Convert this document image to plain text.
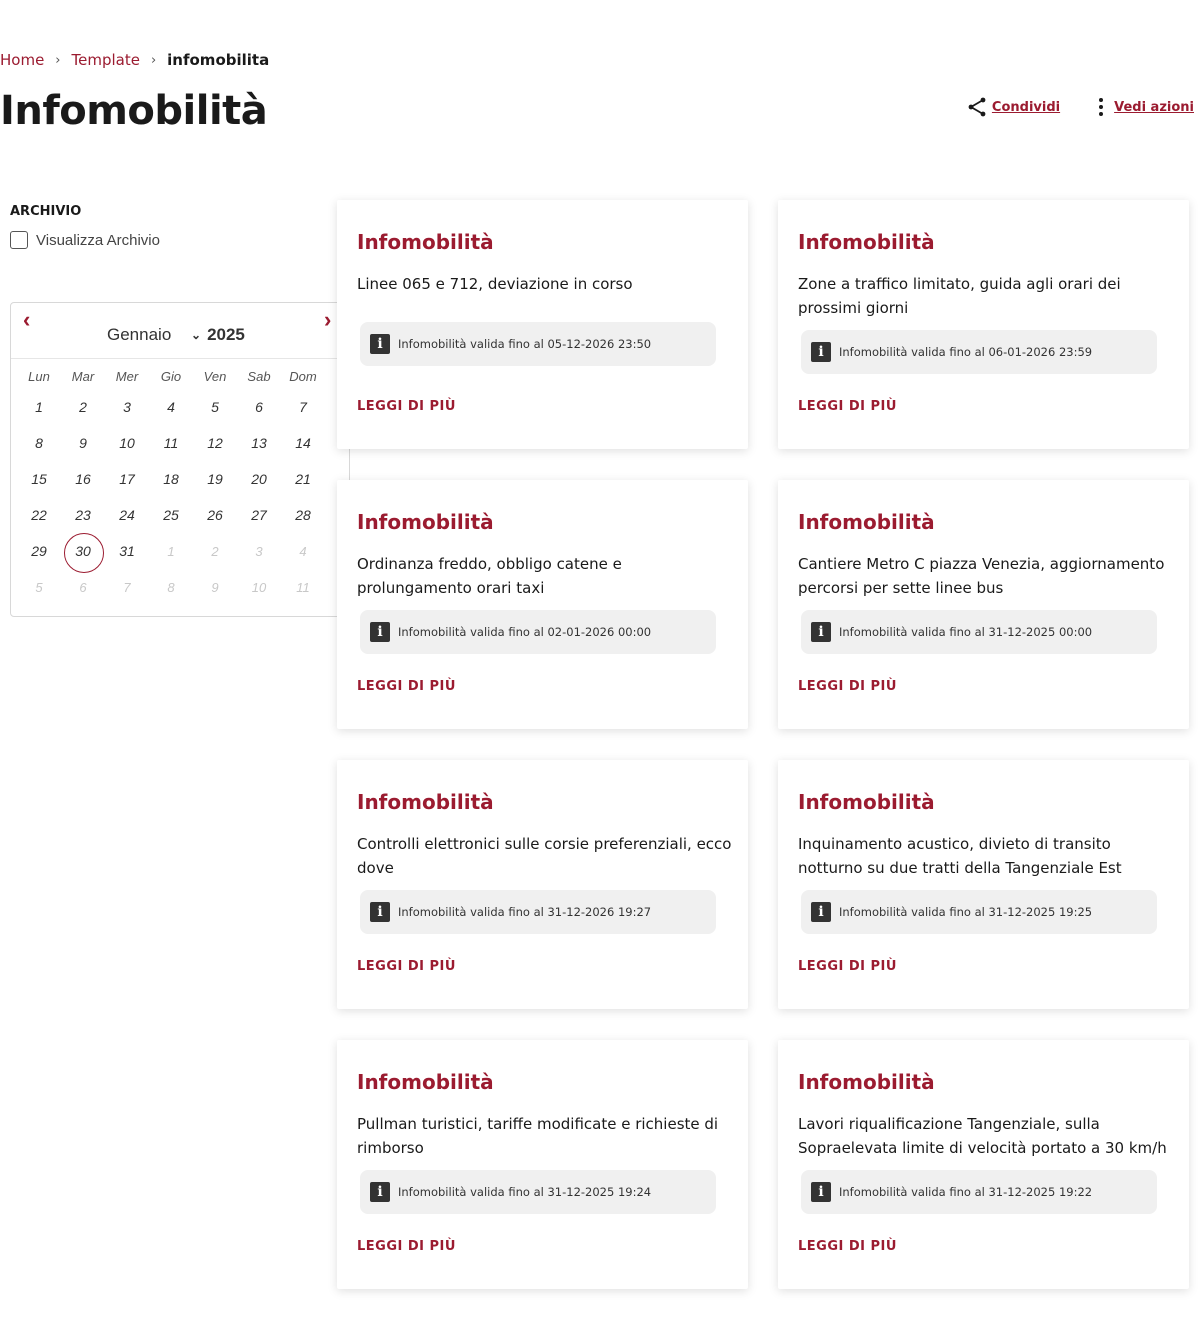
Home › Template › infomobilita
Infomobilità	Condividi	Vedi azioni
ARCHIVIO
Visualizza Archivio
‹
Gennaio ⌄ 2025
›
Lun	Mar	Mer	Gio	Ven	Sab	Dom
1	2	3	4	5	6	7
8	9	10	11	12	13	14
15	16	17	18	19	20	21
22	23	24	25	26	27	28
29	30	31	1	2	3	4
5	6	7	8	9	10	11
Infomobilità
Linee 065 e 712, deviazione in corso
i	Infomobilità valida fino al 05-12-2026 23:50
LEGGI DI PIÙ
Infomobilità
Zone a traffico limitato, guida agli orari dei prossimi giorni
i	Infomobilità valida fino al 06-01-2026 23:59
LEGGI DI PIÙ
Infomobilità
Ordinanza freddo, obbligo catene e prolungamento orari taxi
i	Infomobilità valida fino al 02-01-2026 00:00
LEGGI DI PIÙ
Infomobilità
Cantiere Metro C piazza Venezia, aggiornamento percorsi per sette linee bus
i	Infomobilità valida fino al 31-12-2025 00:00
LEGGI DI PIÙ
Infomobilità
Controlli elettronici sulle corsie preferenziali, ecco dove
i	Infomobilità valida fino al 31-12-2026 19:27
LEGGI DI PIÙ
Infomobilità
Inquinamento acustico, divieto di transito notturno su due tratti della Tangenziale Est
i	Infomobilità valida fino al 31-12-2025 19:25
LEGGI DI PIÙ
Infomobilità
Pullman turistici, tariffe modificate e richieste di rimborso
i	Infomobilità valida fino al 31-12-2025 19:24
LEGGI DI PIÙ
Infomobilità
Lavori riqualificazione Tangenziale, sulla Sopraelevata limite di velocità portato a 30 km/h
i	Infomobilità valida fino al 31-12-2025 19:22
LEGGI DI PIÙ
